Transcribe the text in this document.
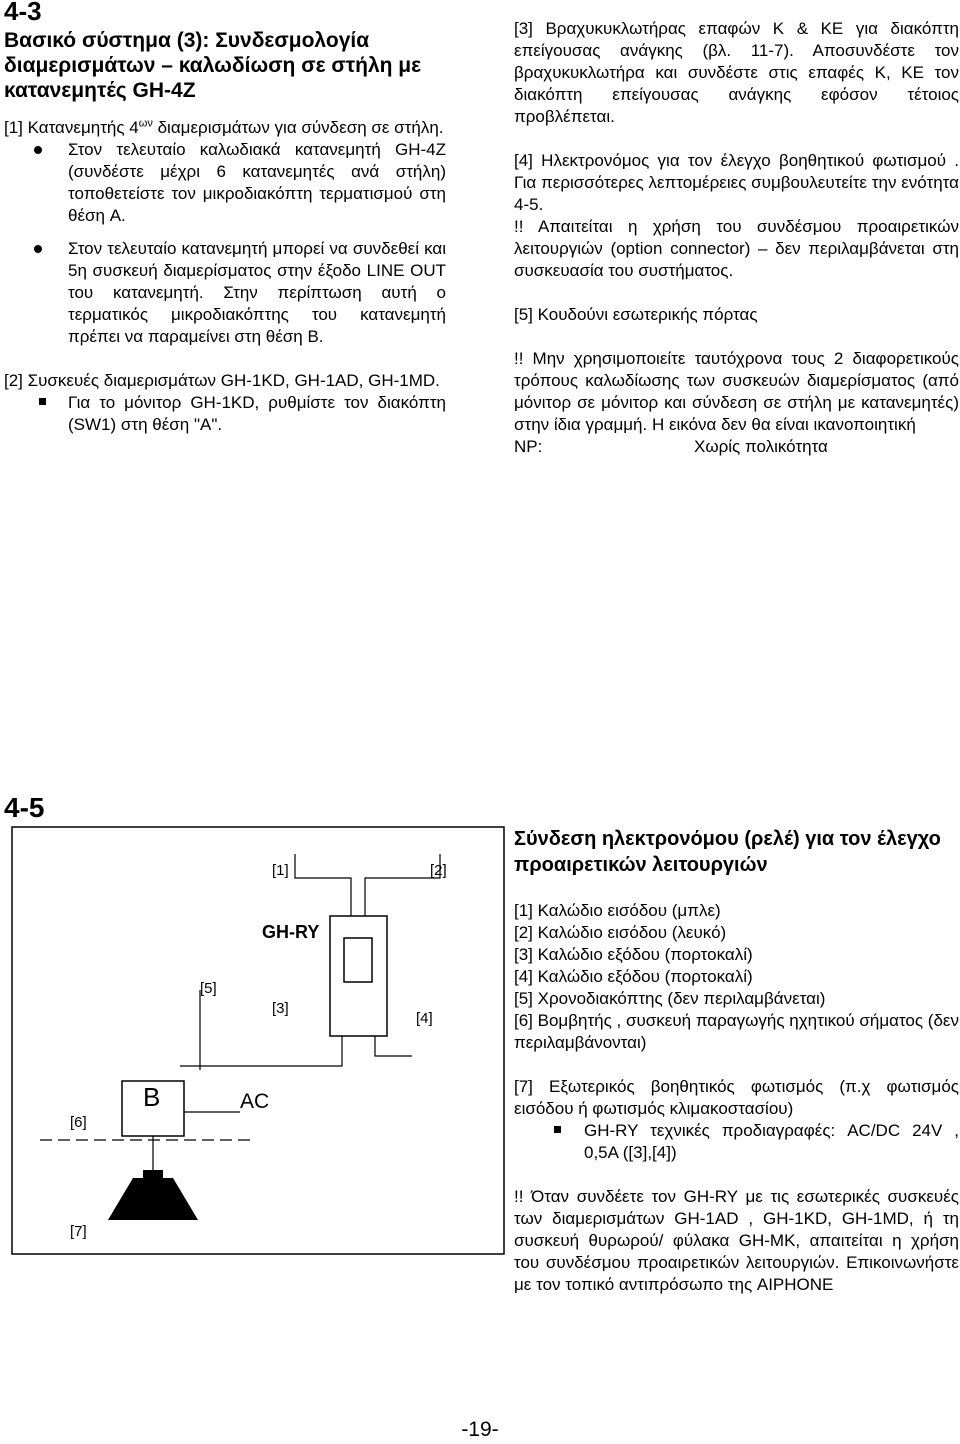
4-3

Βασικό σύστημα (3): Συνδεσμολογία διαμερισμάτων – καλωδίωση σε στήλη με κατανεμητές GH-4Z

[1] Κατανεμητής $4^{\omega\nu}$ διαμερισμάτων για σύνδεση σε στήλη.

Στον τελευταίο καλωδιακά κατανεμητή GH-4Z (συνδέστε μέχρι 6 κατανεμητές ανά στήλη) τοποθετείστε τον μικροδιακόπτη τερματισμού στη θέση A.
Στον τελευταίο κατανεμητή μπορεί να συνδεθεί και 5η συσκευή διαμερίσματος στην έξοδο LINE OUT του κατανεμητή. Στην περίπτωση αυτή ο τερματικός μικροδιακόπτης του κατανεμητή πρέπει να παραμείνει στη θέση B.

[2] Συσκευές διαμερισμάτων GH-1KD, GH-1AD, GH-1MD.

Για το μόνιτορ GH-1KD, ρυθμίστε τον διακόπτη (SW1) στη θέση "A".

[3] Βραχυκυκλωτήρας επαφών K & KE για διακόπτη επείγουσας ανάγκης (βλ. 11-7). Αποσυνδέστε τον βραχυκυκλωτήρα και συνδέστε στις επαφές K, KE τον διακόπτη επείγουσας ανάγκης εφόσον τέτοιος προβλέπεται.

[4] Ηλεκτρονόμος για τον έλεγχο βοηθητικού φωτισμού . Για περισσότερες λεπτομέρειες συμβουλευτείτε την ενότητα 4-5.

!! Απαιτείται η χρήση του συνδέσμου προαιρετικών λειτουργιών (option connector) – δεν περιλαμβάνεται στη συσκευασία του συστήματος.

[5] Κουδούνι εσωτερικής πόρτας

!! Μην χρησιμοποιείτε ταυτόχρονα τους 2 διαφορετικούς τρόπους καλωδίωσης των συσκευών διαμερίσματος (από μόνιτορ σε μόνιτορ και σύνδεση σε στήλη με κατανεμητές) στην ίδια γραμμή. Η εικόνα δεν θα είναι ικανοποιητική

NP:	Χωρίς πολικότητα
4-5
[1]	[2]
GH-RY
[3]
[4]
[5]
[6]
[7]
B	AC

Σύνδεση ηλεκτρονόμου (ρελέ) για τον έλεγχο προαιρετικών λειτουργιών

[1] Καλώδιο εισόδου (μπλε)

[2] Καλώδιο εισόδου (λευκό)

[3] Καλώδιο εξόδου (πορτοκαλί)

[4] Καλώδιο εξόδου (πορτοκαλί)

[5] Χρονοδιακόπτης (δεν περιλαμβάνεται)

[6] Βομβητής , συσκευή παραγωγής ηχητικού σήματος (δεν περιλαμβάνονται)

[7] Εξωτερικός βοηθητικός φωτισμός (π.χ φωτισμός εισόδου ή φωτισμός κλιμακοστασίου)

GH-RY τεχνικές προδιαγραφές: AC/DC 24V , 0,5A ([3],[4])

!! Όταν συνδέετε τον GH-RY με τις εσωτερικές συσκευές των διαμερισμάτων GH-1AD , GH-1KD, GH-1MD, ή τη συσκευή θυρωρού/ φύλακα GH-MK, απαιτείται η χρήση του συνδέσμου προαιρετικών λειτουργιών. Επικοινωνήστε με τον τοπικό αντιπρόσωπο της AIPHONE

-19-
